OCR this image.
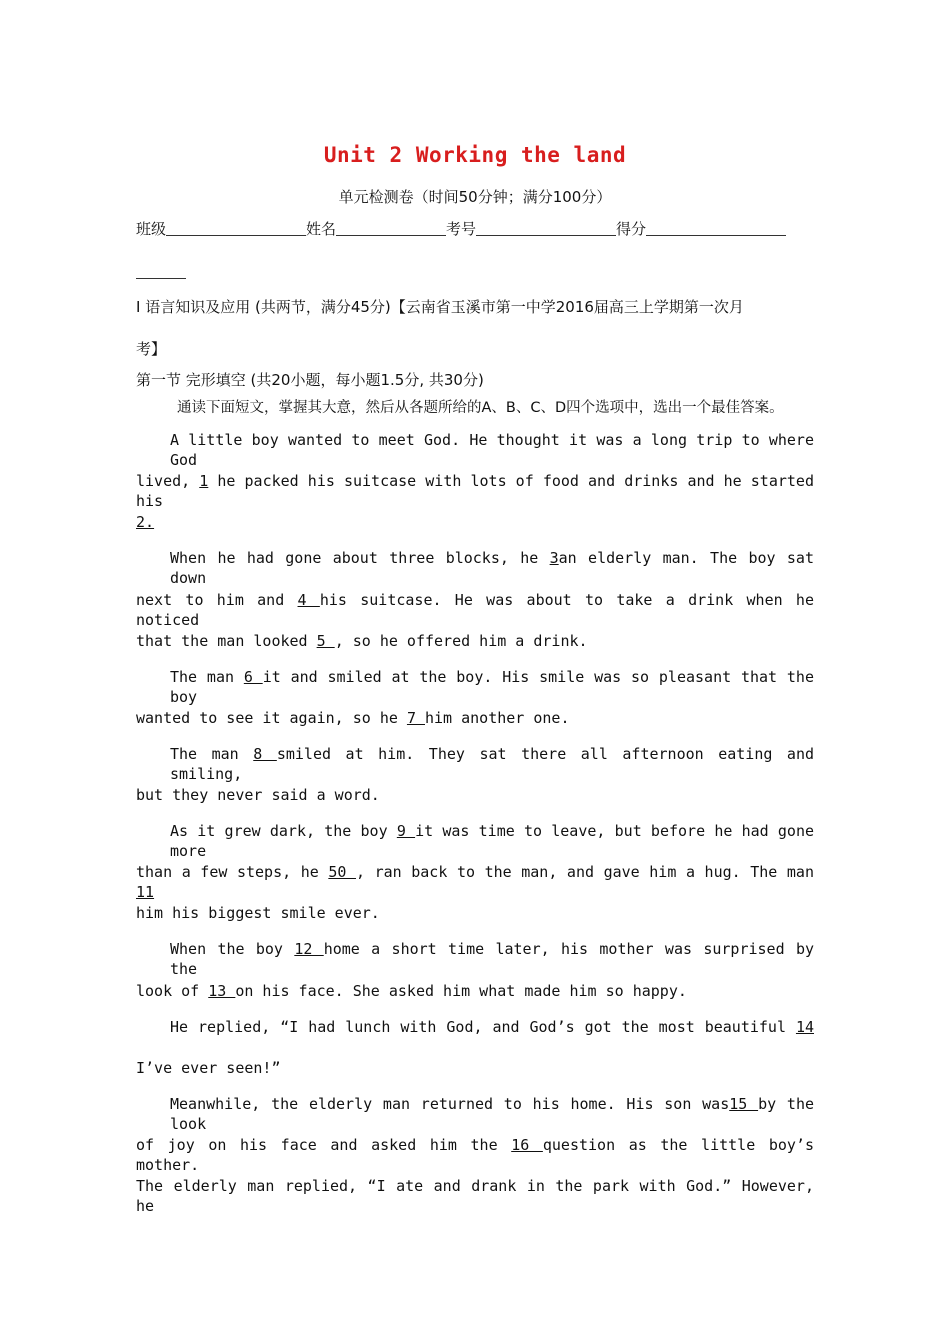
Unit 2 Working the land
单元检测卷（时间50分钟；满分100分）
班级	姓名	考号	得分
I 语言知识及应用 (共两节，满分45分)【云南省玉溪市第一中学2016届高三上学期第一次月
考】
第一节 完形填空 (共20小题，每小题1.5分, 共30分)
通读下面短文，掌握其大意，然后从各题所给的A、B、C、D四个选项中，选出一个最佳答案。
A little boy wanted to meet God. He thought it was a long trip to where God
lived, 1 he packed his suitcase with lots of food and drinks and he started his
2.
When he had gone about three blocks, he 3an elderly man. The boy sat down
next to him and 4 his suitcase. He was about to take a drink when he noticed
that the man looked 5 , so he offered him a drink.
The man 6 it and smiled at the boy. His smile was so pleasant that the boy
wanted to see it again, so he 7 him another one.
The man 8 smiled at him. They sat there all afternoon eating and smiling,
but they never said a word.
As it grew dark, the boy 9 it was time to leave, but before he had gone more
than a few steps, he 50 , ran back to the man, and gave him a hug. The man 11
him his biggest smile ever.
When the boy 12 home a short time later, his mother was surprised by the
look of 13 on his face. She asked him what made him so happy.
He replied, “I had lunch with God, and God’s got the most beautiful 14
I’ve ever seen!”
Meanwhile, the elderly man returned to his home. His son was15 by the look
of joy on his face and asked him the 16 question as the little boy’s mother.
The elderly man replied, “I ate and drank in the park with God.” However, he
